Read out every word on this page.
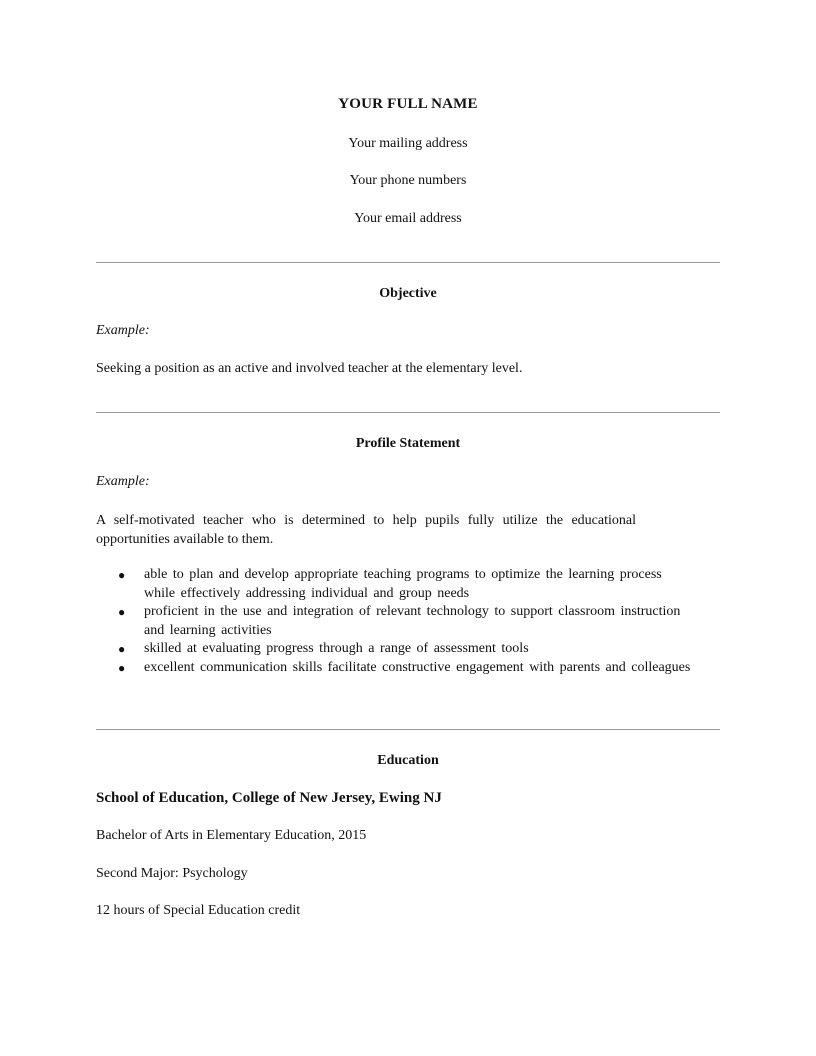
YOUR FULL NAME
Your mailing address
Your phone numbers
Your email address
Objective
Example:
Seeking a position as an active and involved teacher at the elementary level.
Profile Statement
Example:
A self-motivated teacher who is determined to help pupils fully utilize the educational opportunities available to them.
● able to plan and develop appropriate teaching programs to optimize the learning process while effectively addressing individual and group needs
● proficient in the use and integration of relevant technology to support classroom instruction and learning activities
● skilled at evaluating progress through a range of assessment tools
● excellent communication skills facilitate constructive engagement with parents and colleagues
Education
School of Education, College of New Jersey, Ewing NJ
Bachelor of Arts in Elementary Education, 2015
Second Major: Psychology
12 hours of Special Education credit
